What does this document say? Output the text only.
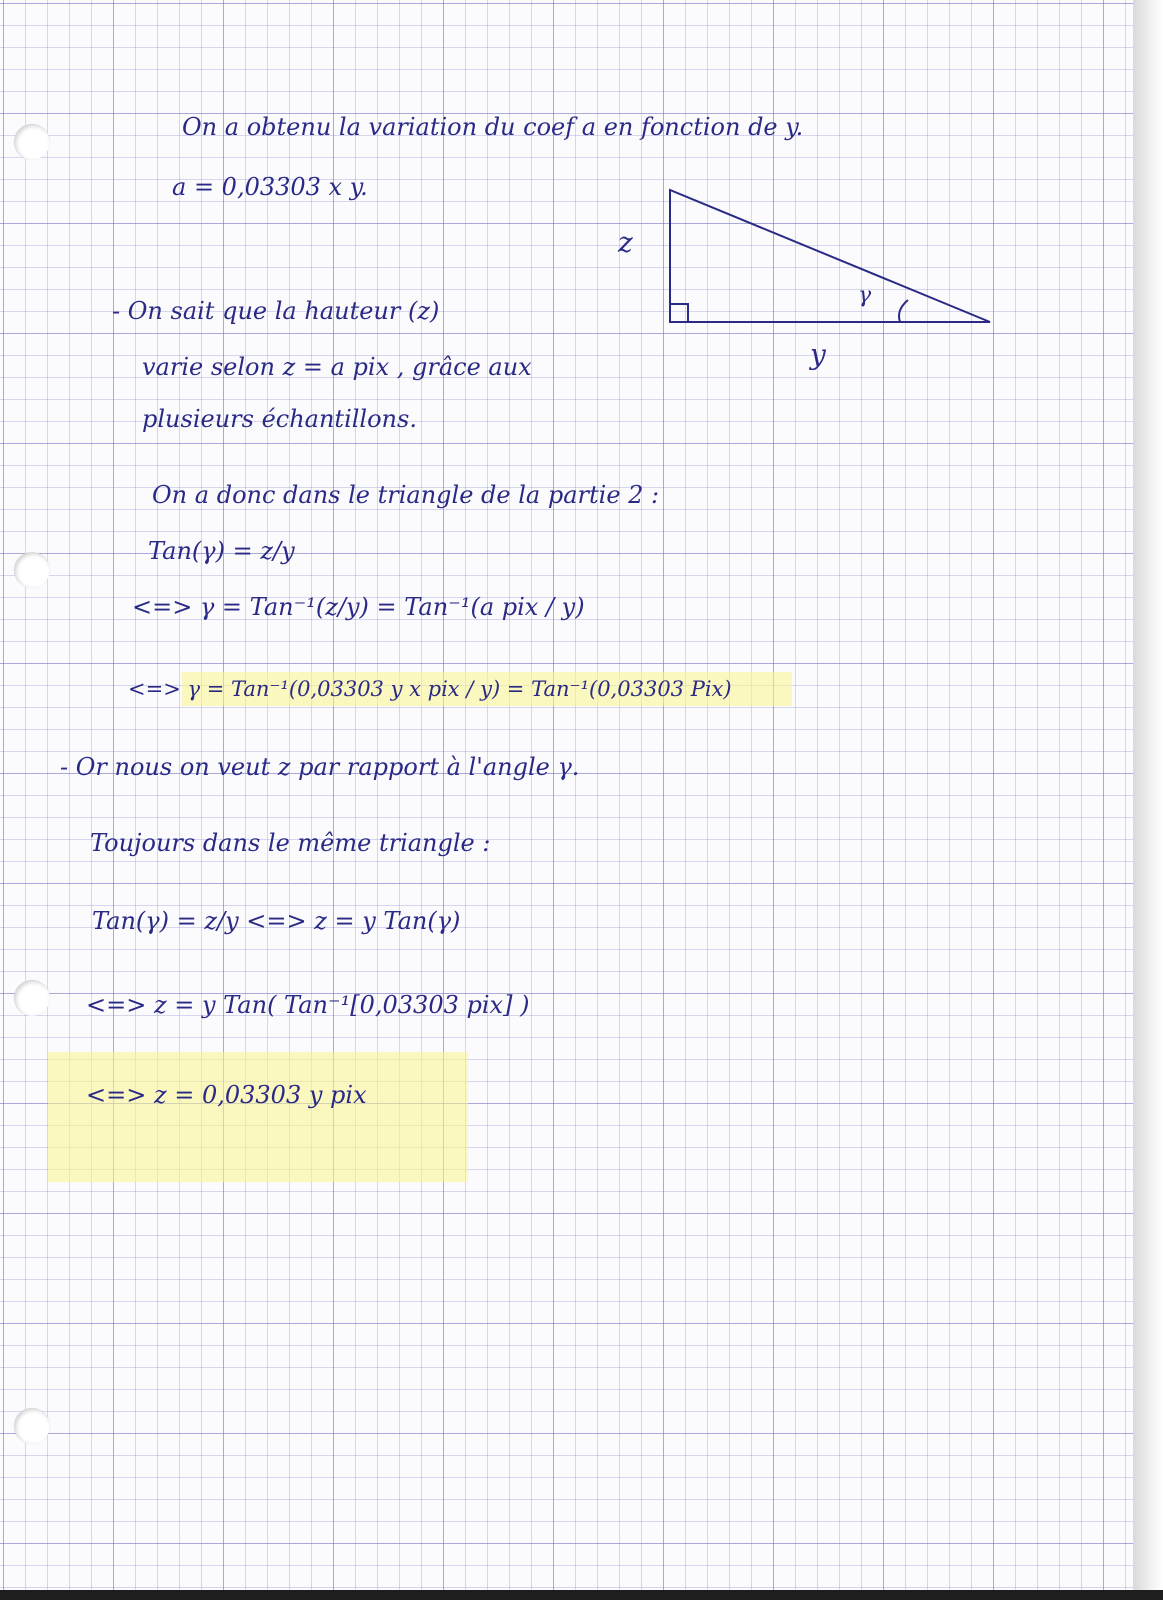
On a obtenu la variation du coef a en fonction de y.

a = 0,03303 x y.

z
γ
y

- On sait que la hauteur (z)

varie selon z = a pix , grâce aux

plusieurs échantillons.

On a donc dans le triangle de la partie 2 :

Tan(γ) = z/y

<=> γ = Tan⁻¹(z/y) = Tan⁻¹(a pix / y)

<=> γ = Tan⁻¹(0,03303 y x pix / y) = Tan⁻¹(0,03303 Pix)

- Or nous on veut z par rapport à l'angle γ.

Toujours dans le même triangle :

Tan(γ) = z/y <=> z = y Tan(γ)

<=> z = y Tan( Tan⁻¹[0,03303 pix] )

<=> z = 0,03303 y pix
